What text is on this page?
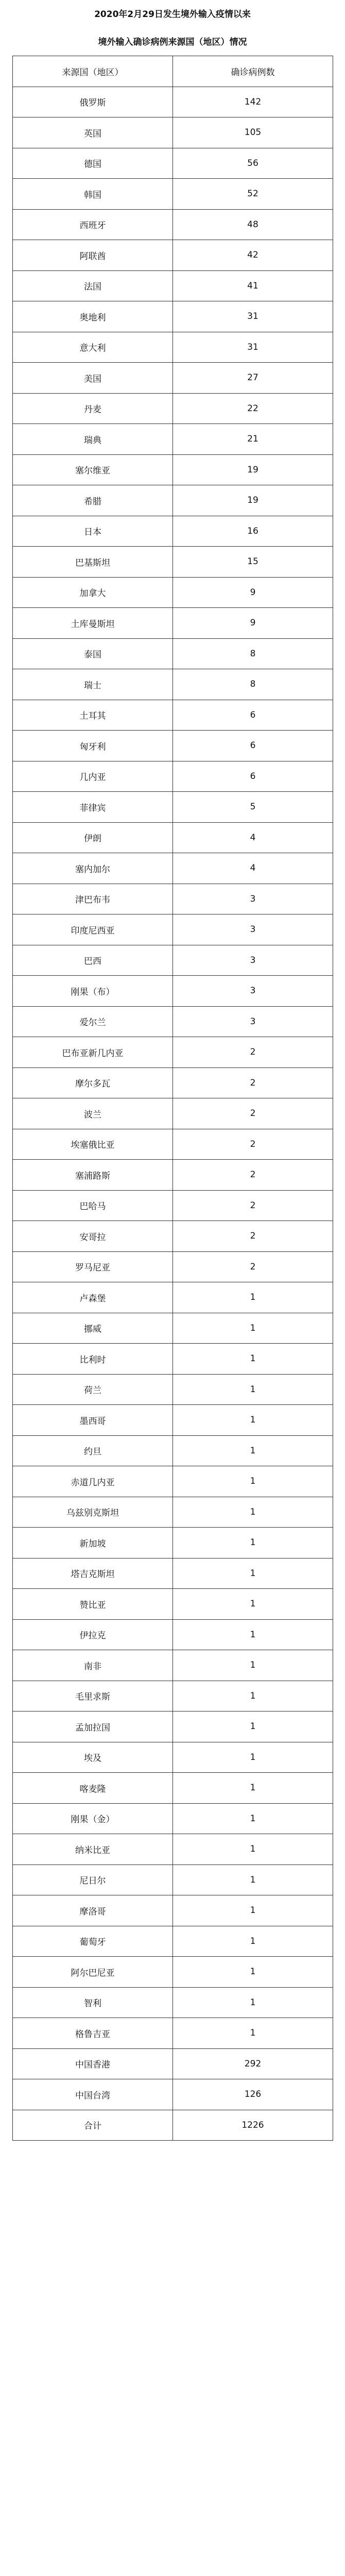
2020年2月29日发生境外输入疫情以来
境外输入确诊病例来源国（地区）情况
来源国（地区）	确诊病例数
俄罗斯	142
英国	105
德国	56
韩国	52
西班牙	48
阿联酋	42
法国	41
奥地利	31
意大利	31
美国	27
丹麦	22
瑞典	21
塞尔维亚	19
希腊	19
日本	16
巴基斯坦	15
加拿大	9
土库曼斯坦	9
泰国	8
瑞士	8
土耳其	6
匈牙利	6
几内亚	6
菲律宾	5
伊朗	4
塞内加尔	4
津巴布韦	3
印度尼西亚	3
巴西	3
刚果（布）	3
爱尔兰	3
巴布亚新几内亚	2
摩尔多瓦	2
波兰	2
埃塞俄比亚	2
塞浦路斯	2
巴哈马	2
安哥拉	2
罗马尼亚	2
卢森堡	1
挪威	1
比利时	1
荷兰	1
墨西哥	1
约旦	1
赤道几内亚	1
乌兹别克斯坦	1
新加坡	1
塔吉克斯坦	1
赞比亚	1
伊拉克	1
南非	1
毛里求斯	1
孟加拉国	1
埃及	1
喀麦隆	1
刚果（金）	1
纳米比亚	1
尼日尔	1
摩洛哥	1
葡萄牙	1
阿尔巴尼亚	1
智利	1
格鲁吉亚	1
中国香港	292
中国台湾	126
合计	1226
